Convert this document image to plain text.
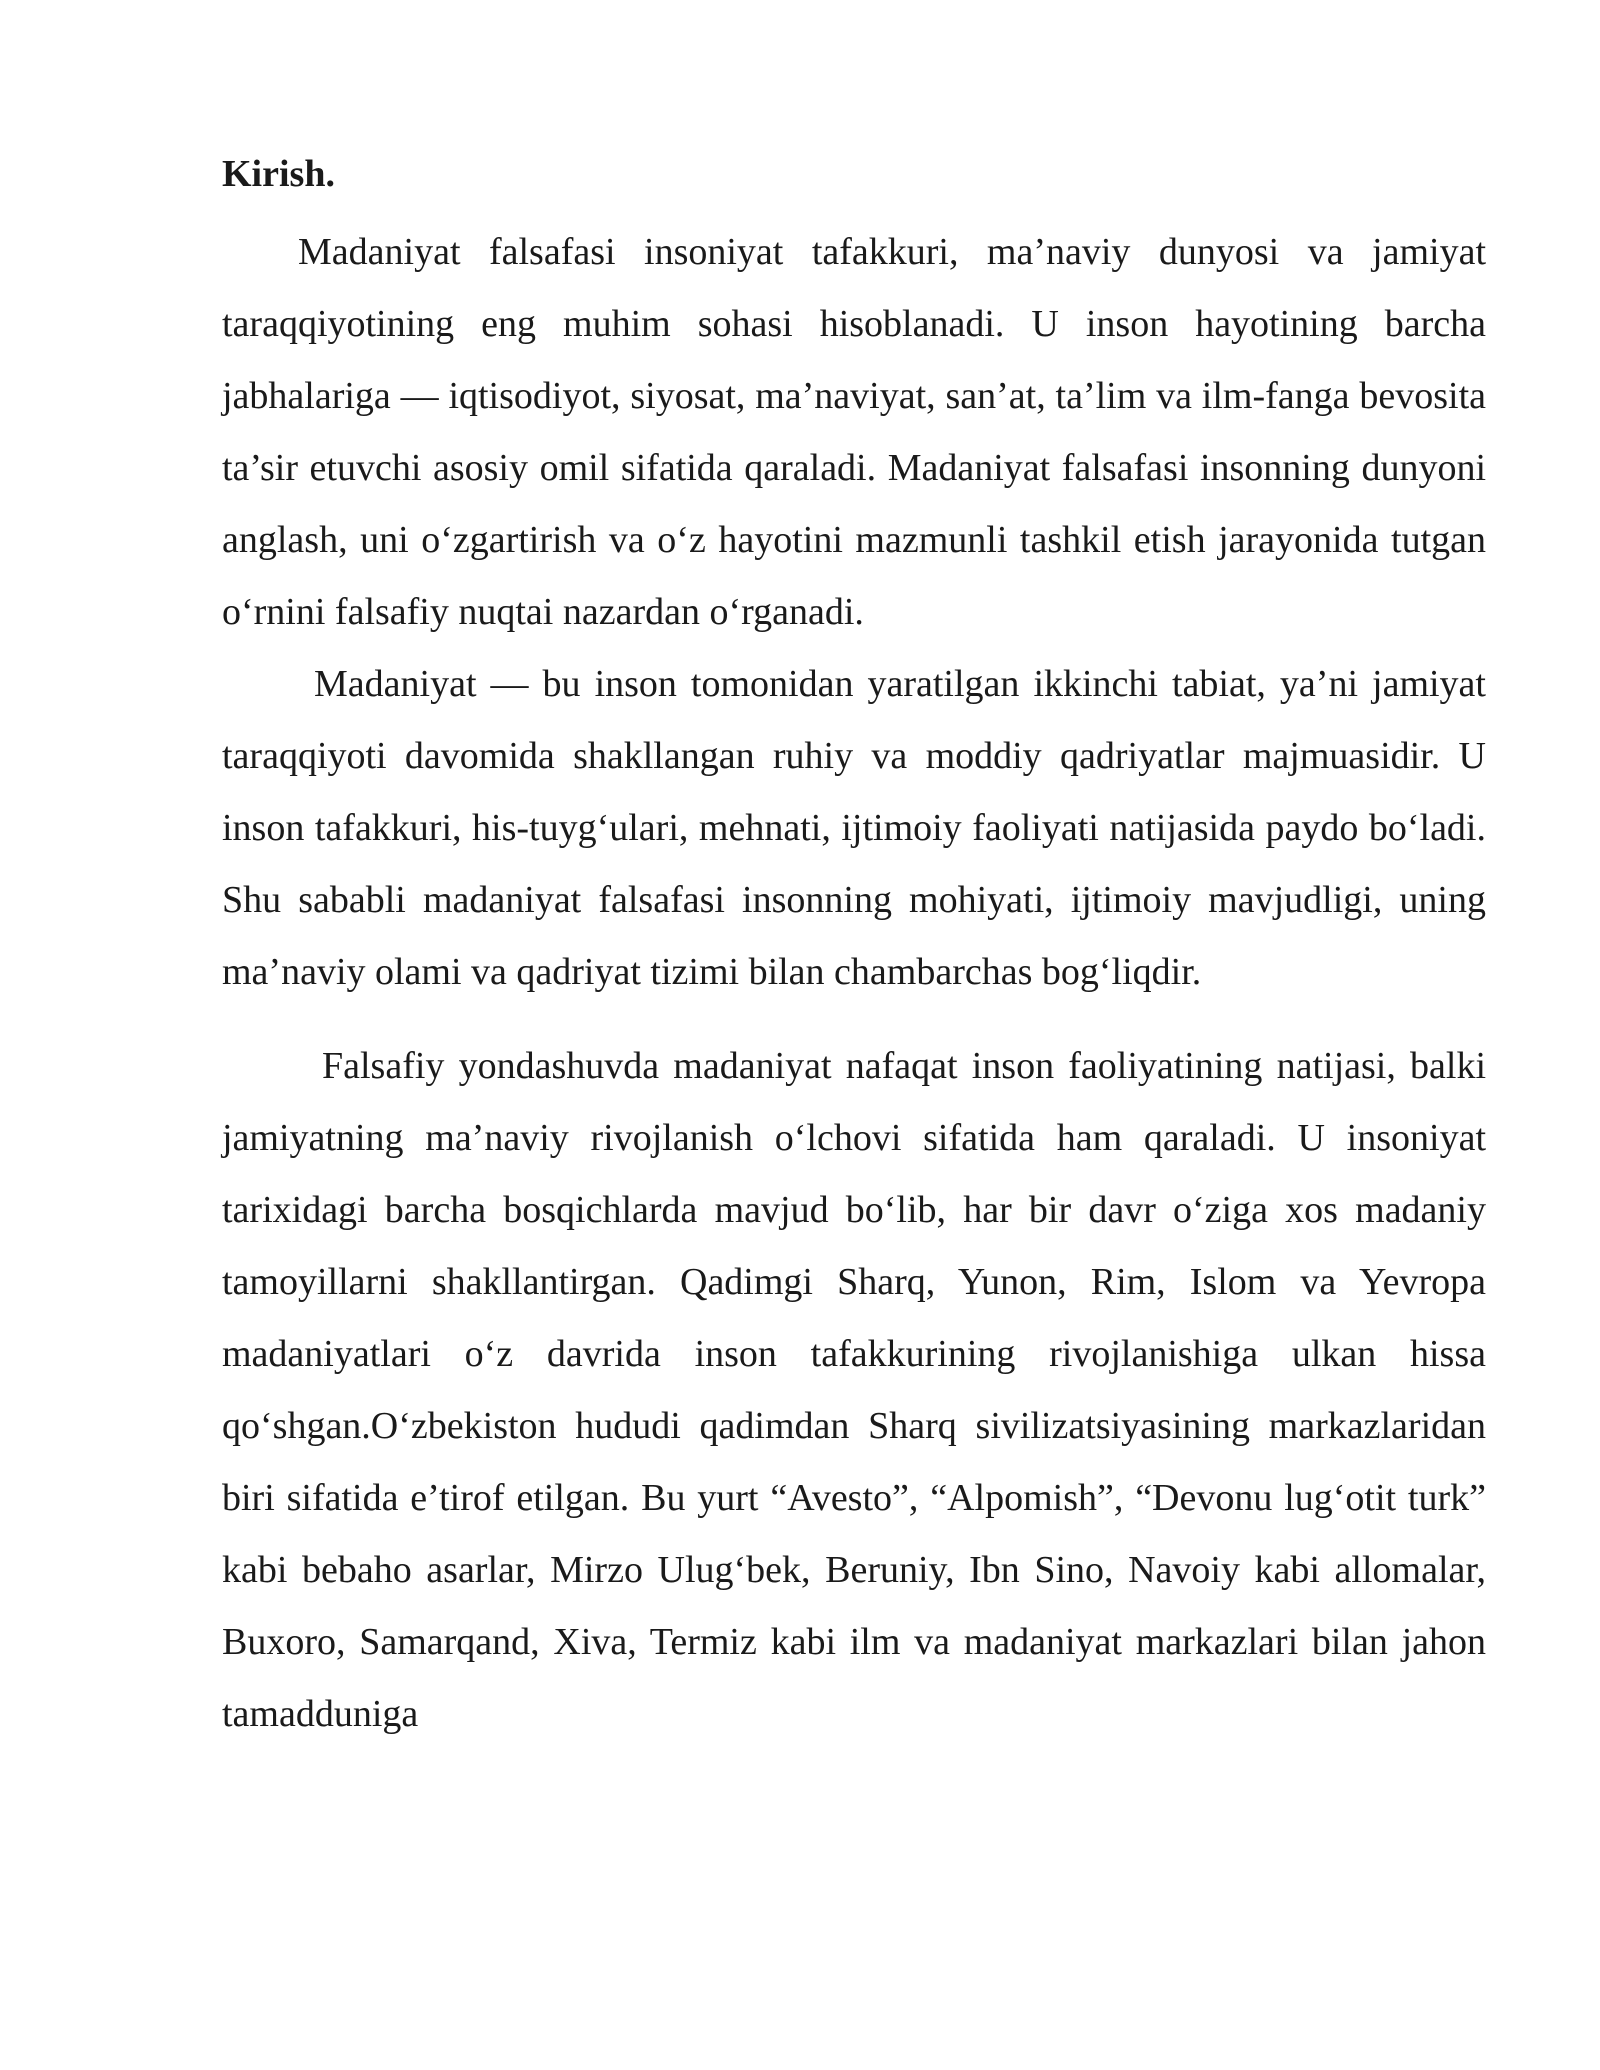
Kirish.

Madaniyat falsafasi insoniyat tafakkuri, ma’naviy dunyosi va jamiyat taraqqiyotining eng muhim sohasi hisoblanadi. U inson hayotining barcha jabhalariga — iqtisodiyot, siyosat, ma’naviyat, san’at, ta’lim va ilm-fanga bevosita ta’sir etuvchi asosiy omil sifatida qaraladi. Madaniyat falsafasi insonning dunyoni anglash, uni o‘zgartirish va o‘z hayotini mazmunli tashkil etish jarayonida tutgan o‘rnini falsafiy nuqtai nazardan o‘rganadi.

Madaniyat — bu inson tomonidan yaratilgan ikkinchi tabiat, ya’ni jamiyat taraqqiyoti davomida shakllangan ruhiy va moddiy qadriyatlar majmuasidir. U inson tafakkuri, his-tuyg‘ulari, mehnati, ijtimoiy faoliyati natijasida paydo bo‘ladi. Shu sababli madaniyat falsafasi insonning mohiyati, ijtimoiy mavjudligi, uning ma’naviy olami va qadriyat tizimi bilan chambarchas bog‘liqdir.

Falsafiy yondashuvda madaniyat nafaqat inson faoliyatining natijasi, balki jamiyatning ma’naviy rivojlanish o‘lchovi sifatida ham qaraladi. U insoniyat tarixidagi barcha bosqichlarda mavjud bo‘lib, har bir davr o‘ziga xos madaniy tamoyillarni shakllantirgan. Qadimgi Sharq, Yunon, Rim, Islom va Yevropa madaniyatlari o‘z davrida inson tafakkurining rivojlanishiga ulkan hissa qo‘shgan.O‘zbekiston hududi qadimdan Sharq sivilizatsiyasining markazlaridan biri sifatida e’tirof etilgan. Bu yurt “Avesto”, “Alpomish”, “Devonu lug‘otit turk” kabi bebaho asarlar, Mirzo Ulug‘bek, Beruniy, Ibn Sino, Navoiy kabi allomalar, Buxoro, Samarqand, Xiva, Termiz kabi ilm va madaniyat markazlari bilan jahon tamadduniga
